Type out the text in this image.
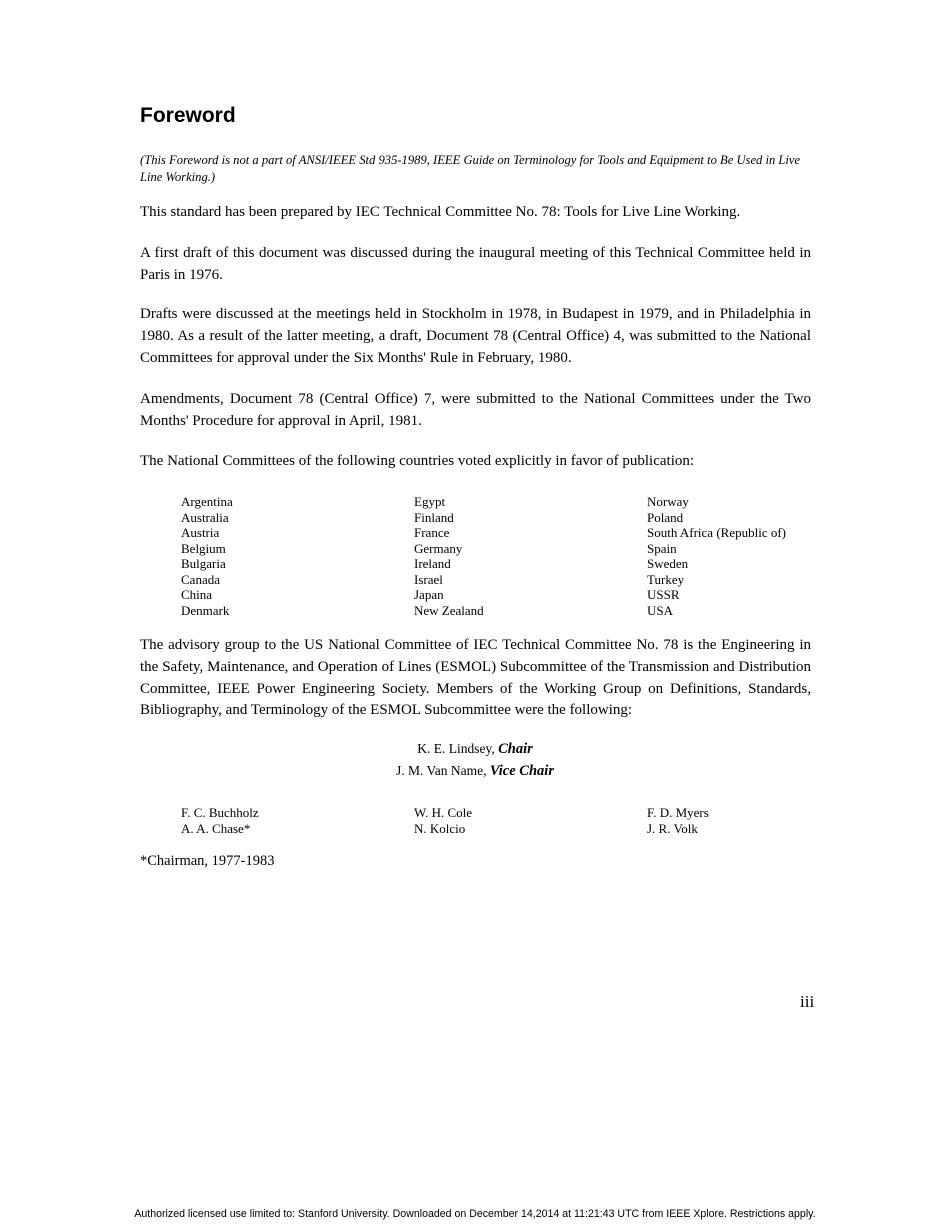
Foreword

(This Foreword is not a part of ANSI/IEEE Std 935-1989, IEEE Guide on Terminology for Tools and Equipment to Be Used in Live Line Working.)

This standard has been prepared by IEC Technical Committee No. 78: Tools for Live Line Working.

A first draft of this document was discussed during the inaugural meeting of this Technical Committee held in Paris in 1976.

Drafts were discussed at the meetings held in Stockholm in 1978, in Budapest in 1979, and in Philadelphia in 1980. As a result of the latter meeting, a draft, Document 78 (Central Office) 4, was submitted to the National Committees for approval under the Six Months' Rule in February, 1980.

Amendments, Document 78 (Central Office) 7, were submitted to the National Committees under the Two Months' Procedure for approval in April, 1981.

The National Committees of the following countries voted explicitly in favor of publication:

Argentina
Australia
Austria
Belgium
Bulgaria
Canada
China
Denmark
Egypt
Finland
France
Germany
Ireland
Israel
Japan
New Zealand
Norway
Poland
South Africa (Republic of)
Spain
Sweden
Turkey
USSR
USA

The advisory group to the US National Committee of IEC Technical Committee No. 78 is the Engineering in the Safety, Maintenance, and Operation of Lines (ESMOL) Subcommittee of the Transmission and Distribution Committee, IEEE Power Engineering Society. Members of the Working Group on Definitions, Standards, Bibliography, and Terminology of the ESMOL Subcommittee were the following:

K. E. Lindsey, Chair
J. M. Van Name, Vice Chair
F. C. Buchholz
A. A. Chase*
W. H. Cole
N. Kolcio
F. D. Myers
J. R. Volk

*Chairman, 1977-1983

iii
Authorized licensed use limited to: Stanford University. Downloaded on December 14,2014 at 11:21:43 UTC from IEEE Xplore. Restrictions apply.
